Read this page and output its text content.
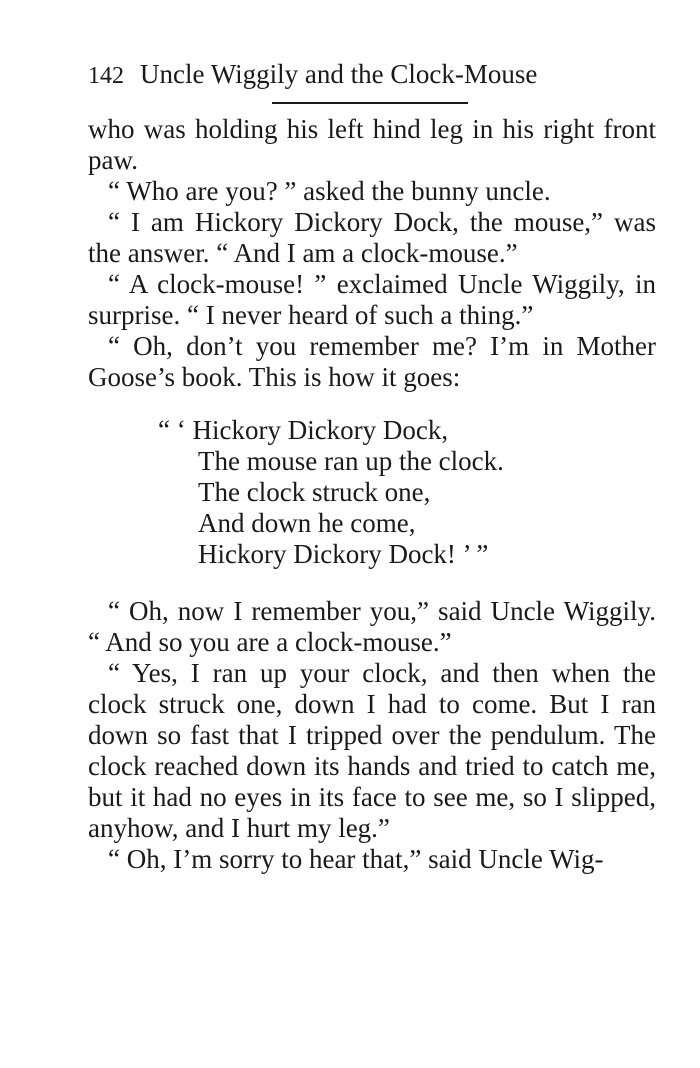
142 Uncle Wiggily and the Clock-Mouse

who was holding his left hind leg in his right front paw.

“ Who are you? ” asked the bunny uncle.

“ I am Hickory Dickory Dock, the mouse,” was the answer. “ And I am a clock-mouse.”

“ A clock-mouse! ” exclaimed Uncle Wiggily, in surprise. “ I never heard of such a thing.”

“ Oh, don’t you remember me? I’m in Mother Goose’s book. This is how it goes:

“ ‘ Hickory Dickory Dock,
The mouse ran up the clock.
The clock struck one,
And down he come,
Hickory Dickory Dock! ’ ”

“ Oh, now I remember you,” said Uncle Wiggily. “ And so you are a clock-mouse.”

“ Yes, I ran up your clock, and then when the clock struck one, down I had to come. But I ran down so fast that I tripped over the pendulum. The clock reached down its hands and tried to catch me, but it had no eyes in its face to see me, so I slipped, anyhow, and I hurt my leg.”

“ Oh, I’m sorry to hear that,” said Uncle Wig-
